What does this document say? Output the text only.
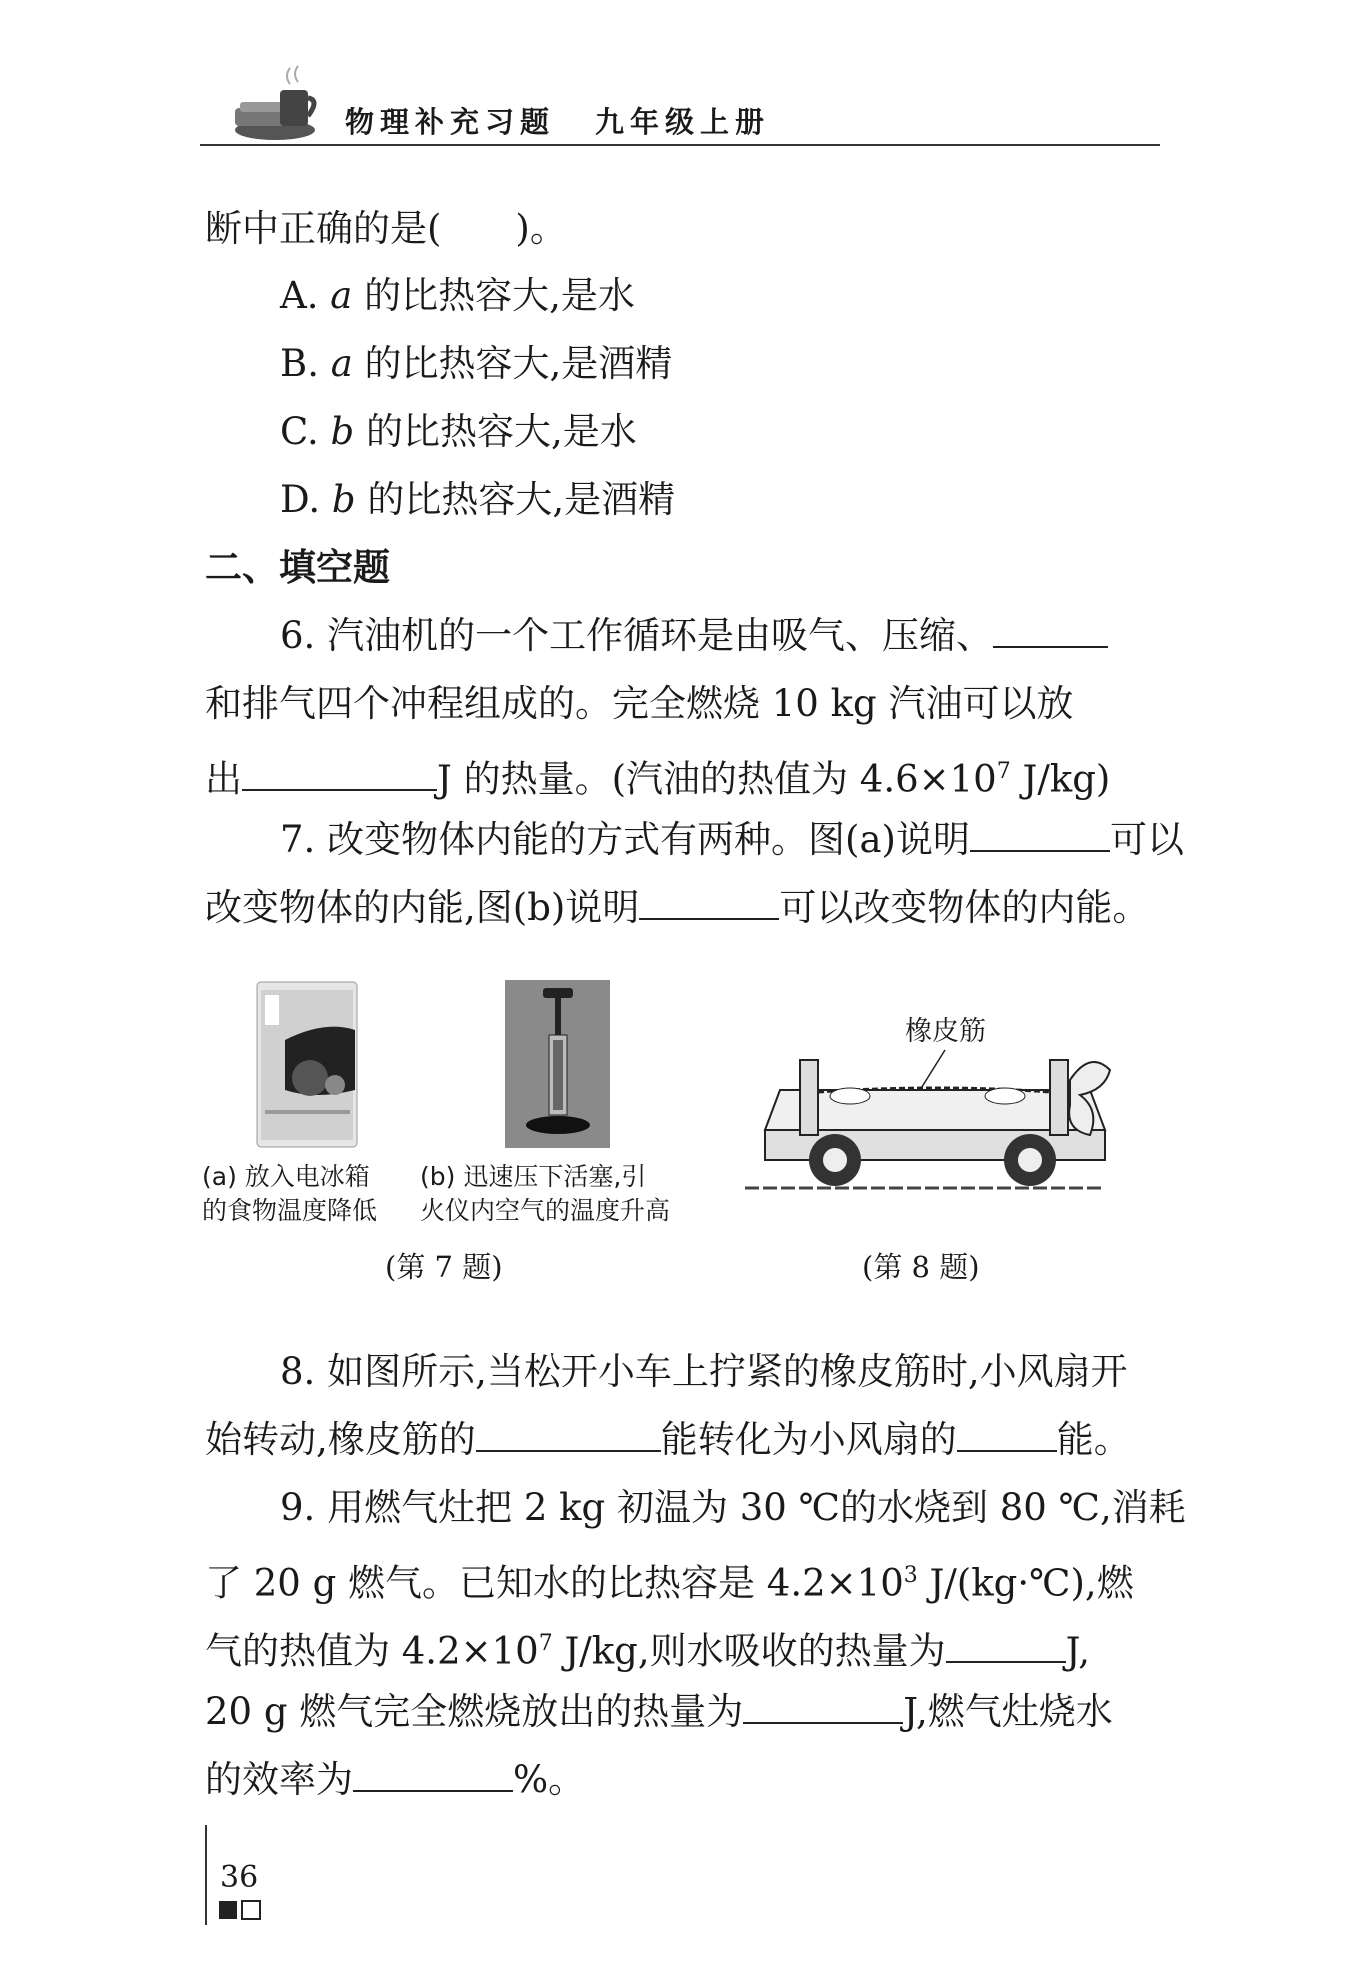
物理补充习题 九年级上册
断中正确的是(　　)。
A. a 的比热容大,是水
B. a 的比热容大,是酒精
C. b 的比热容大,是水
D. b 的比热容大,是酒精
二、填空题
6. 汽油机的一个工作循环是由吸气、压缩、
和排气四个冲程组成的。完全燃烧 10 kg 汽油可以放
出	J 的热量。(汽油的热值为 $4.6\times 10^7$ J/kg)
7. 改变物体内能的方式有两种。图(a)说明	可以
改变物体的内能,图(b)说明	可以改变物体的内能。
(a) 放入电冰箱
的食物温度降低
(b) 迅速压下活塞,引
火仪内空气的温度升高
(第 7 题)
橡皮筋
(第 8 题)
8. 如图所示,当松开小车上拧紧的橡皮筋时,小风扇开
始转动,橡皮筋的	能转化为小风扇的	能。
9. 用燃气灶把 2 kg 初温为 30 ℃的水烧到 80 ℃,消耗
了 20 g 燃气。已知水的比热容是 $4.2\times 10^3$ J/(kg·℃),燃
气的热值为 $4.2\times 10^7$ J/kg,则水吸收的热量为	J,
20 g 燃气完全燃烧放出的热量为	J,燃气灶烧水
的效率为	%。
36
